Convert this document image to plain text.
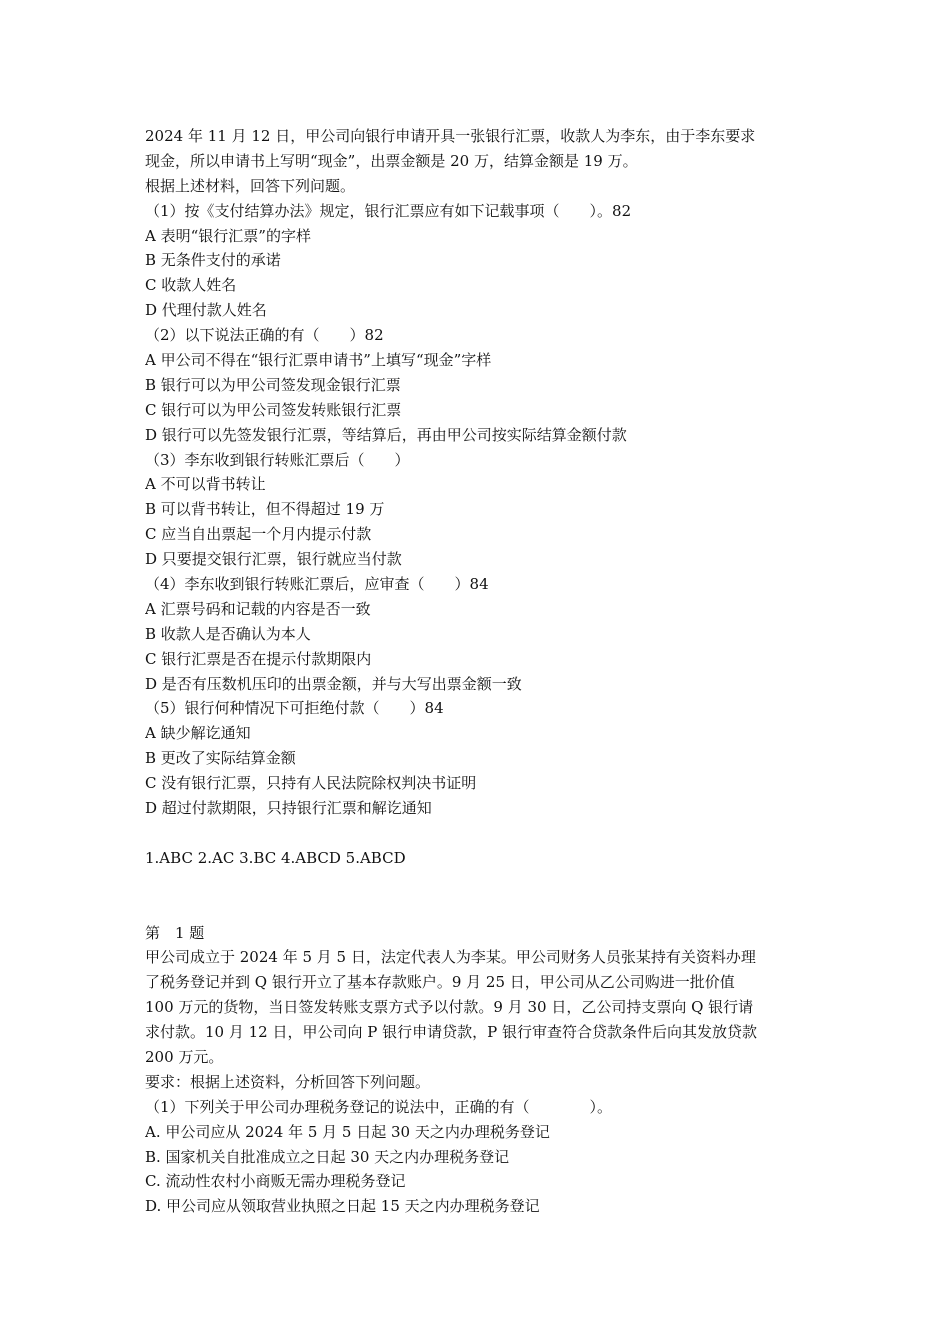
2024 年 11 月 12 日，甲公司向银行申请开具一张银行汇票，收款人为李东，由于李东要求
现金，所以申请书上写明“现金”，出票金额是 20 万，结算金额是 19 万。
根据上述材料，回答下列问题。
（1）按《支付结算办法》规定，银行汇票应有如下记载事项（　　）。82
A 表明“银行汇票”的字样
B 无条件支付的承诺
C 收款人姓名
D 代理付款人姓名
（2）以下说法正确的有（　　）82
A 甲公司不得在“银行汇票申请书”上填写“现金”字样
B 银行可以为甲公司签发现金银行汇票
C 银行可以为甲公司签发转账银行汇票
D 银行可以先签发银行汇票，等结算后，再由甲公司按实际结算金额付款
（3）李东收到银行转账汇票后（　　）
A 不可以背书转让
B 可以背书转让，但不得超过 19 万
C 应当自出票起一个月内提示付款
D 只要提交银行汇票，银行就应当付款
（4）李东收到银行转账汇票后，应审查（　　）84
A 汇票号码和记载的内容是否一致
B 收款人是否确认为本人
C 银行汇票是否在提示付款期限内
D 是否有压数机压印的出票金额，并与大写出票金额一致
（5）银行何种情况下可拒绝付款（　　）84
A 缺少解讫通知
B 更改了实际结算金额
C 没有银行汇票，只持有人民法院除权判决书证明
D 超过付款期限，只持银行汇票和解讫通知
1.ABC 2.AC 3.BC 4.ABCD 5.ABCD
第　1 题
甲公司成立于 2024 年 5 月 5 日，法定代表人为李某。甲公司财务人员张某持有关资料办理
了税务登记并到 Q 银行开立了基本存款账户。9 月 25 日，甲公司从乙公司购进一批价值
100 万元的货物，当日签发转账支票方式予以付款。9 月 30 日，乙公司持支票向 Q 银行请
求付款。10 月 12 日，甲公司向 P 银行申请贷款，P 银行审查符合贷款条件后向其发放贷款
200 万元。
要求：根据上述资料，分析回答下列问题。
（1）下列关于甲公司办理税务登记的说法中，正确的有（　　　　）。
A. 甲公司应从 2024 年 5 月 5 日起 30 天之内办理税务登记
B. 国家机关自批准成立之日起 30 天之内办理税务登记
C. 流动性农村小商贩无需办理税务登记
D. 甲公司应从领取营业执照之日起 15 天之内办理税务登记
